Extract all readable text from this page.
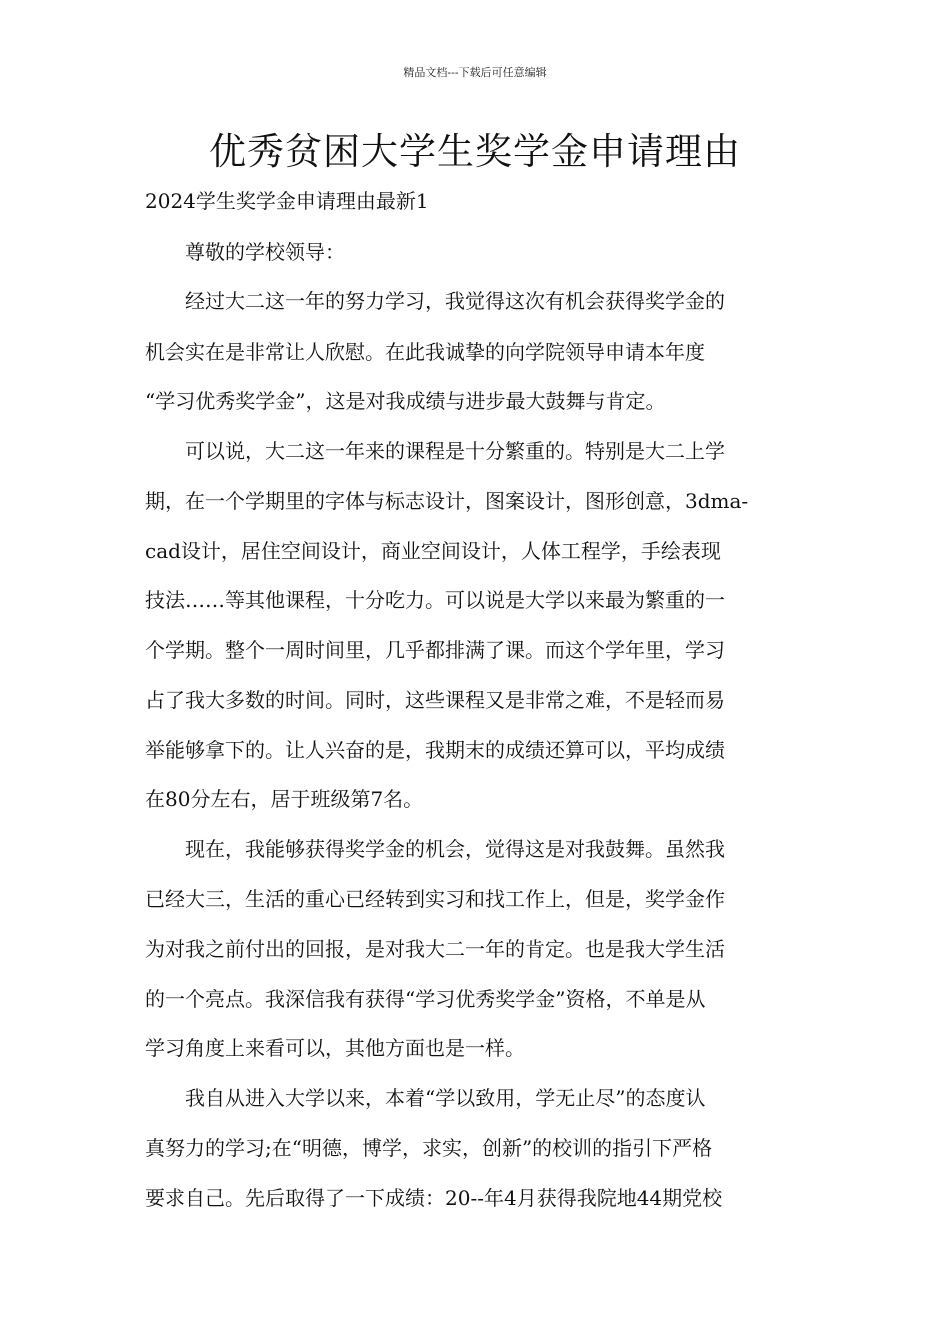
精品文档---下载后可任意编辑
优秀贫困大学生奖学金申请理由
2024学生奖学金申请理由最新1
　　尊敬的学校领导：
　　经过大二这一年的努力学习，我觉得这次有机会获得奖学金的
机会实在是非常让人欣慰。在此我诚挚的向学院领导申请本年度
“学习优秀奖学金”，这是对我成绩与进步最大鼓舞与肯定。
　　可以说，大二这一年来的课程是十分繁重的。特别是大二上学
期，在一个学期里的字体与标志设计，图案设计，图形创意，3dma-
cad设计，居住空间设计，商业空间设计，人体工程学，手绘表现
技法……等其他课程，十分吃力。可以说是大学以来最为繁重的一
个学期。整个一周时间里，几乎都排满了课。而这个学年里，学习
占了我大多数的时间。同时，这些课程又是非常之难，不是轻而易
举能够拿下的。让人兴奋的是，我期末的成绩还算可以，平均成绩
在80分左右，居于班级第7名。
　　现在，我能够获得奖学金的机会，觉得这是对我鼓舞。虽然我
已经大三，生活的重心已经转到实习和找工作上，但是，奖学金作
为对我之前付出的回报，是对我大二一年的肯定。也是我大学生活
的一个亮点。我深信我有获得“学习优秀奖学金”资格，不单是从
学习角度上来看可以，其他方面也是一样。
　　我自从进入大学以来，本着“学以致用，学无止尽”的态度认
真努力的学习;在“明德，博学，求实，创新”的校训的指引下严格
要求自己。先后取得了一下成绩：20--年4月获得我院地44期党校
